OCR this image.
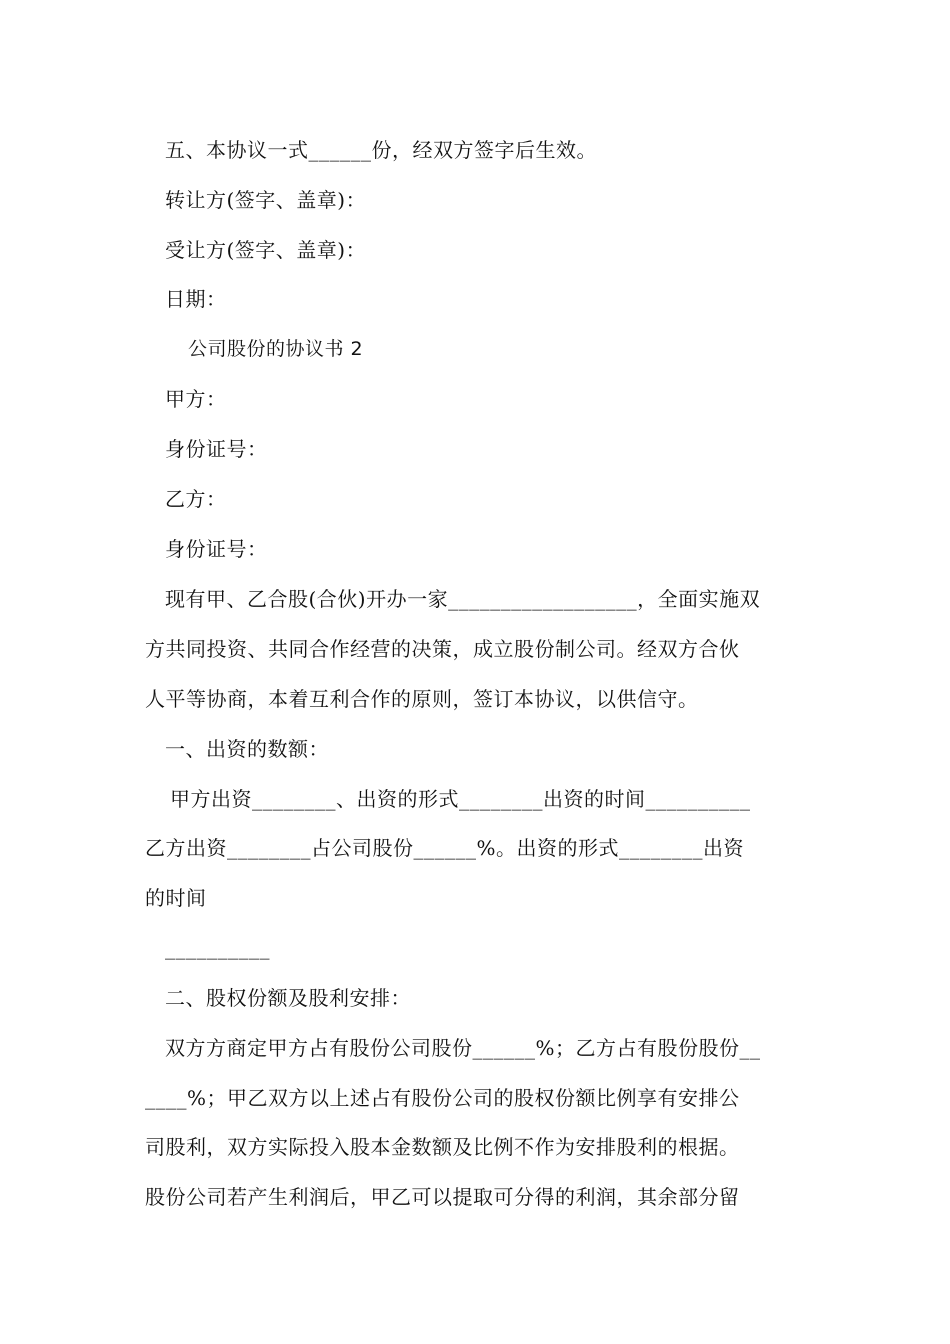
五、本协议一式______份，经双方签字后生效。
转让方(签字、盖章)：
受让方(签字、盖章)：
日期：
公司股份的协议书 2
甲方：
身份证号：
乙方：
身份证号：
现有甲、乙合股(合伙)开办一家__________________，全面实施双
方共同投资、共同合作经营的决策，成立股份制公司。经双方合伙
人平等协商，本着互利合作的原则，签订本协议，以供信守。
一、出资的数额：
甲方出资________、出资的形式________出资的时间__________
乙方出资________占公司股份______%。出资的形式________出资
的时间
__________
二、股权份额及股利安排：
双方方商定甲方占有股份公司股份______%；乙方占有股份股份__
____%；甲乙双方以上述占有股份公司的股权份额比例享有安排公
司股利，双方实际投入股本金数额及比例不作为安排股利的根据。
股份公司若产生利润后，甲乙可以提取可分得的利润，其余部分留
